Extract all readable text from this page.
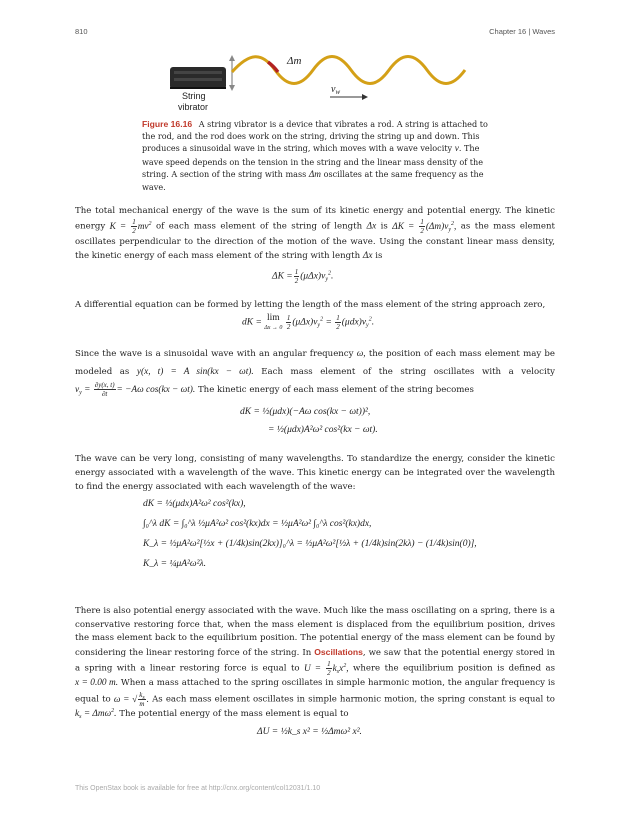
810	Chapter 16 | Waves
Δm
$v_w$
String
vibrator
Figure 16.16 A string vibrator is a device that vibrates a rod. A string is attached to the rod, and the rod does work on the string, driving the string up and down. This produces a sinusoidal wave in the string, which moves with a wave velocity v. The wave speed depends on the tension in the string and the linear mass density of the string. A section of the string with mass Δm oscillates at the same frequency as the wave.
The total mechanical energy of the wave is the sum of its kinetic energy and potential energy. The kinetic energy $K = \frac{1}{2} mv^2$ of each mass element of the string of length Δx is $\Delta K = \frac{1}{2} (\Delta m)v_y^2$, as the mass element oscillates perpendicular to the direction of the motion of the wave. Using the constant linear mass density, the kinetic energy of each mass element of the string with length Δx is
$\Delta K = \frac{1}{2} (\mu\Delta x)v_y^2$.
A differential equation can be formed by letting the length of the mass element of the string approach zero,
dK = lim
$\Delta x \to 0 \frac{1}{2} (\mu\Delta x)v_y^2 = \frac{1}{2} (\mu dx)v_y^2$.
Since the wave is a sinusoidal wave with an angular frequency ω, the position of each mass element may be modeled as y(x, t) = A sin(kx − ωt). Each mass element of the string oscillates with a velocity $v_y = \frac{\partial y(x, t)}{\partial t} = -A\omega$ cos(kx − ωt). The kinetic energy of each mass element of the string becomes
dK = ½(μdx)(−Aω cos(kx − ωt))²,
= ½(μdx)A²ω² cos²(kx − ωt).
The wave can be very long, consisting of many wavelengths. To standardize the energy, consider the kinetic energy associated with a wavelength of the wave. This kinetic energy can be integrated over the wavelength to find the energy associated with each wavelength of the wave:
dK = ½(μdx)A²ω² cos²(kx),
∫₀^λ dK = ∫₀^λ ½μA²ω² cos²(kx)dx = ½μA²ω² ∫₀^λ cos²(kx)dx,
K_λ = ½μA²ω²[½x + (1/4k)sin(2kx)]₀^λ = ½μA²ω²[½λ + (1/4k)sin(2kλ) − (1/4k)sin(0)],
K_λ = ¼μA²ω²λ.
There is also potential energy associated with the wave. Much like the mass oscillating on a spring, there is a conservative restoring force that, when the mass element is displaced from the equilibrium position, drives the mass element back to the equilibrium position. The potential energy of the mass element can be found by considering the linear restoring force of the string. In Oscillations, we saw that the potential energy stored in a spring with a linear restoring force is equal to $U = \frac{1}{2} k_sx^2$, where the equilibrium position is defined as x = 0.00 m. When a mass attached to the spring oscillates in simple harmonic motion, the angular frequency is equal to ω = √ $\frac{k_s}{m}$ . As each mass element oscillates in simple harmonic motion, the spring constant is equal to $k_s = \Delta m\omega^2$. The potential energy of the mass element is equal to
ΔU = ½k_s x² = ½Δmω² x².
This OpenStax book is available for free at http://cnx.org/content/col12031/1.10
